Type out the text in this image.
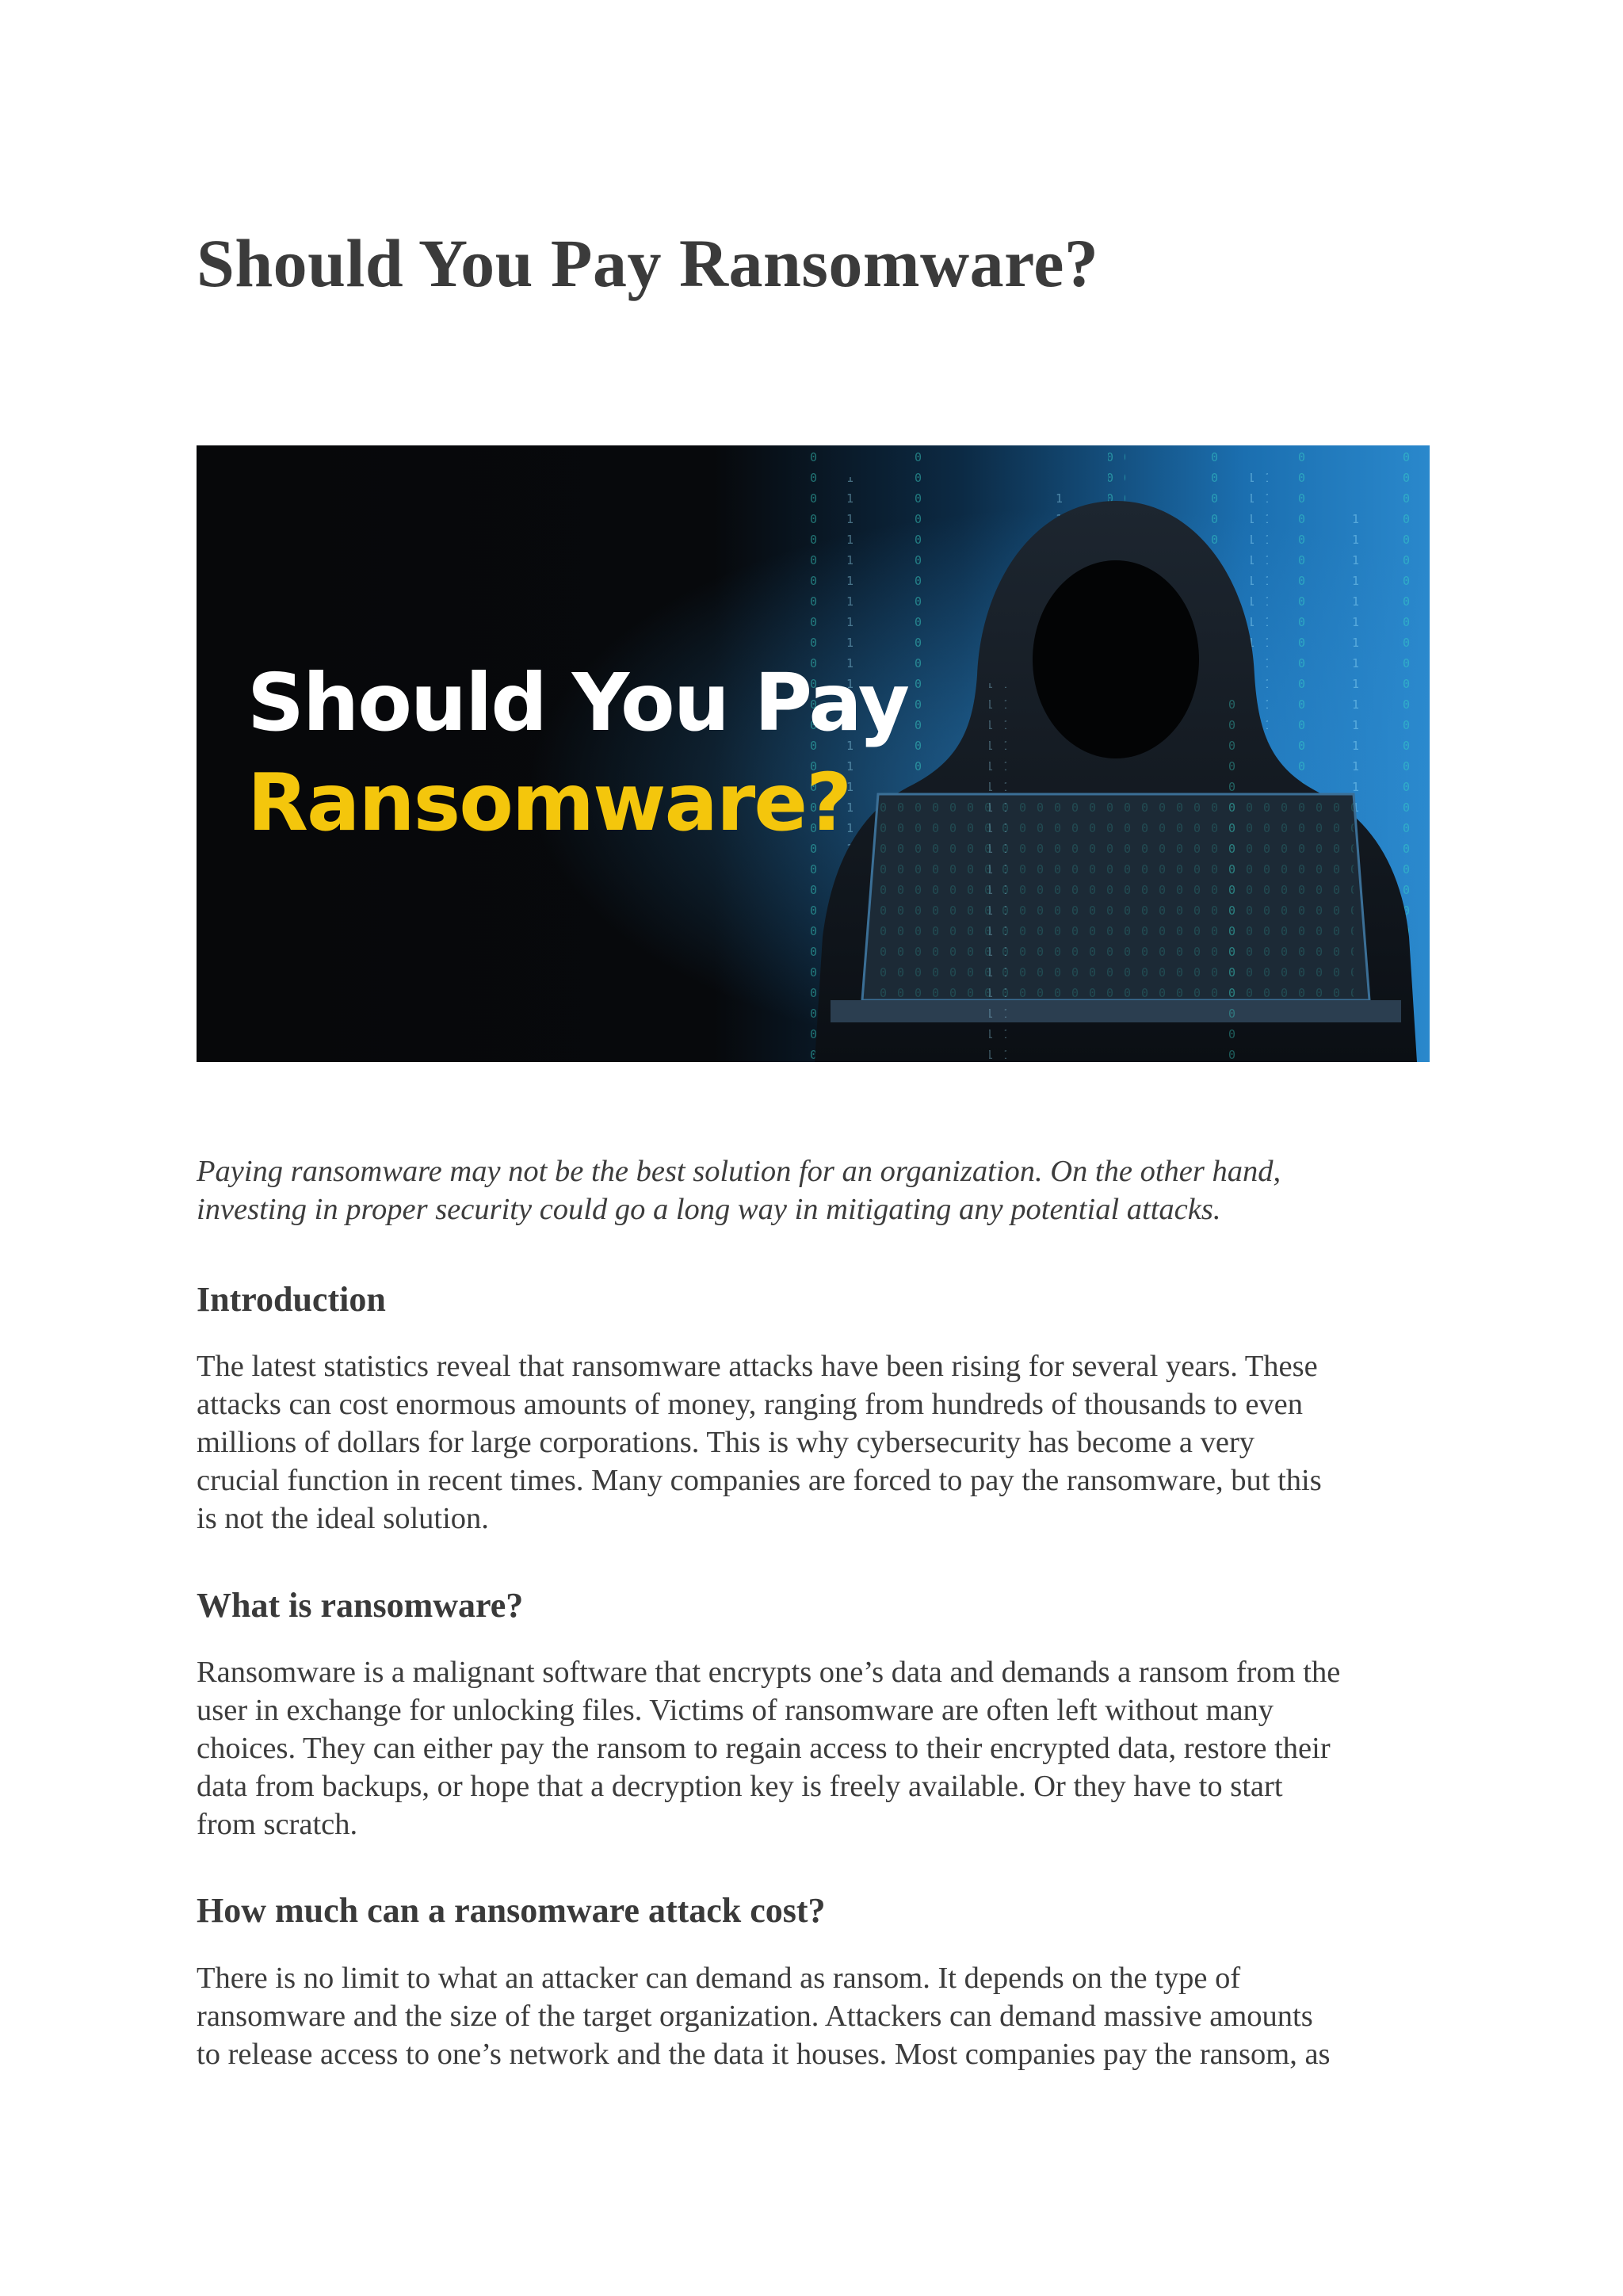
Should You Pay Ransomware?
Should You Pay
Ransomware?

Paying ransomware may not be the best solution for an organization. On the other hand,
investing in proper security could go a long way in mitigating any potential attacks.

Introduction

The latest statistics reveal that ransomware attacks have been rising for several years. These
attacks can cost enormous amounts of money, ranging from hundreds of thousands to even
millions of dollars for large corporations. This is why cybersecurity has become a very
crucial function in recent times. Many companies are forced to pay the ransomware, but this
is not the ideal solution.

What is ransomware?

Ransomware is a malignant software that encrypts one’s data and demands a ransom from the
user in exchange for unlocking files. Victims of ransomware are often left without many
choices. They can either pay the ransom to regain access to their encrypted data, restore their
data from backups, or hope that a decryption key is freely available. Or they have to start
from scratch.

How much can a ransomware attack cost?

There is no limit to what an attacker can demand as ransom. It depends on the type of
ransomware and the size of the target organization. Attackers can demand massive amounts
to release access to one’s network and the data it houses. Most companies pay the ransom, as
